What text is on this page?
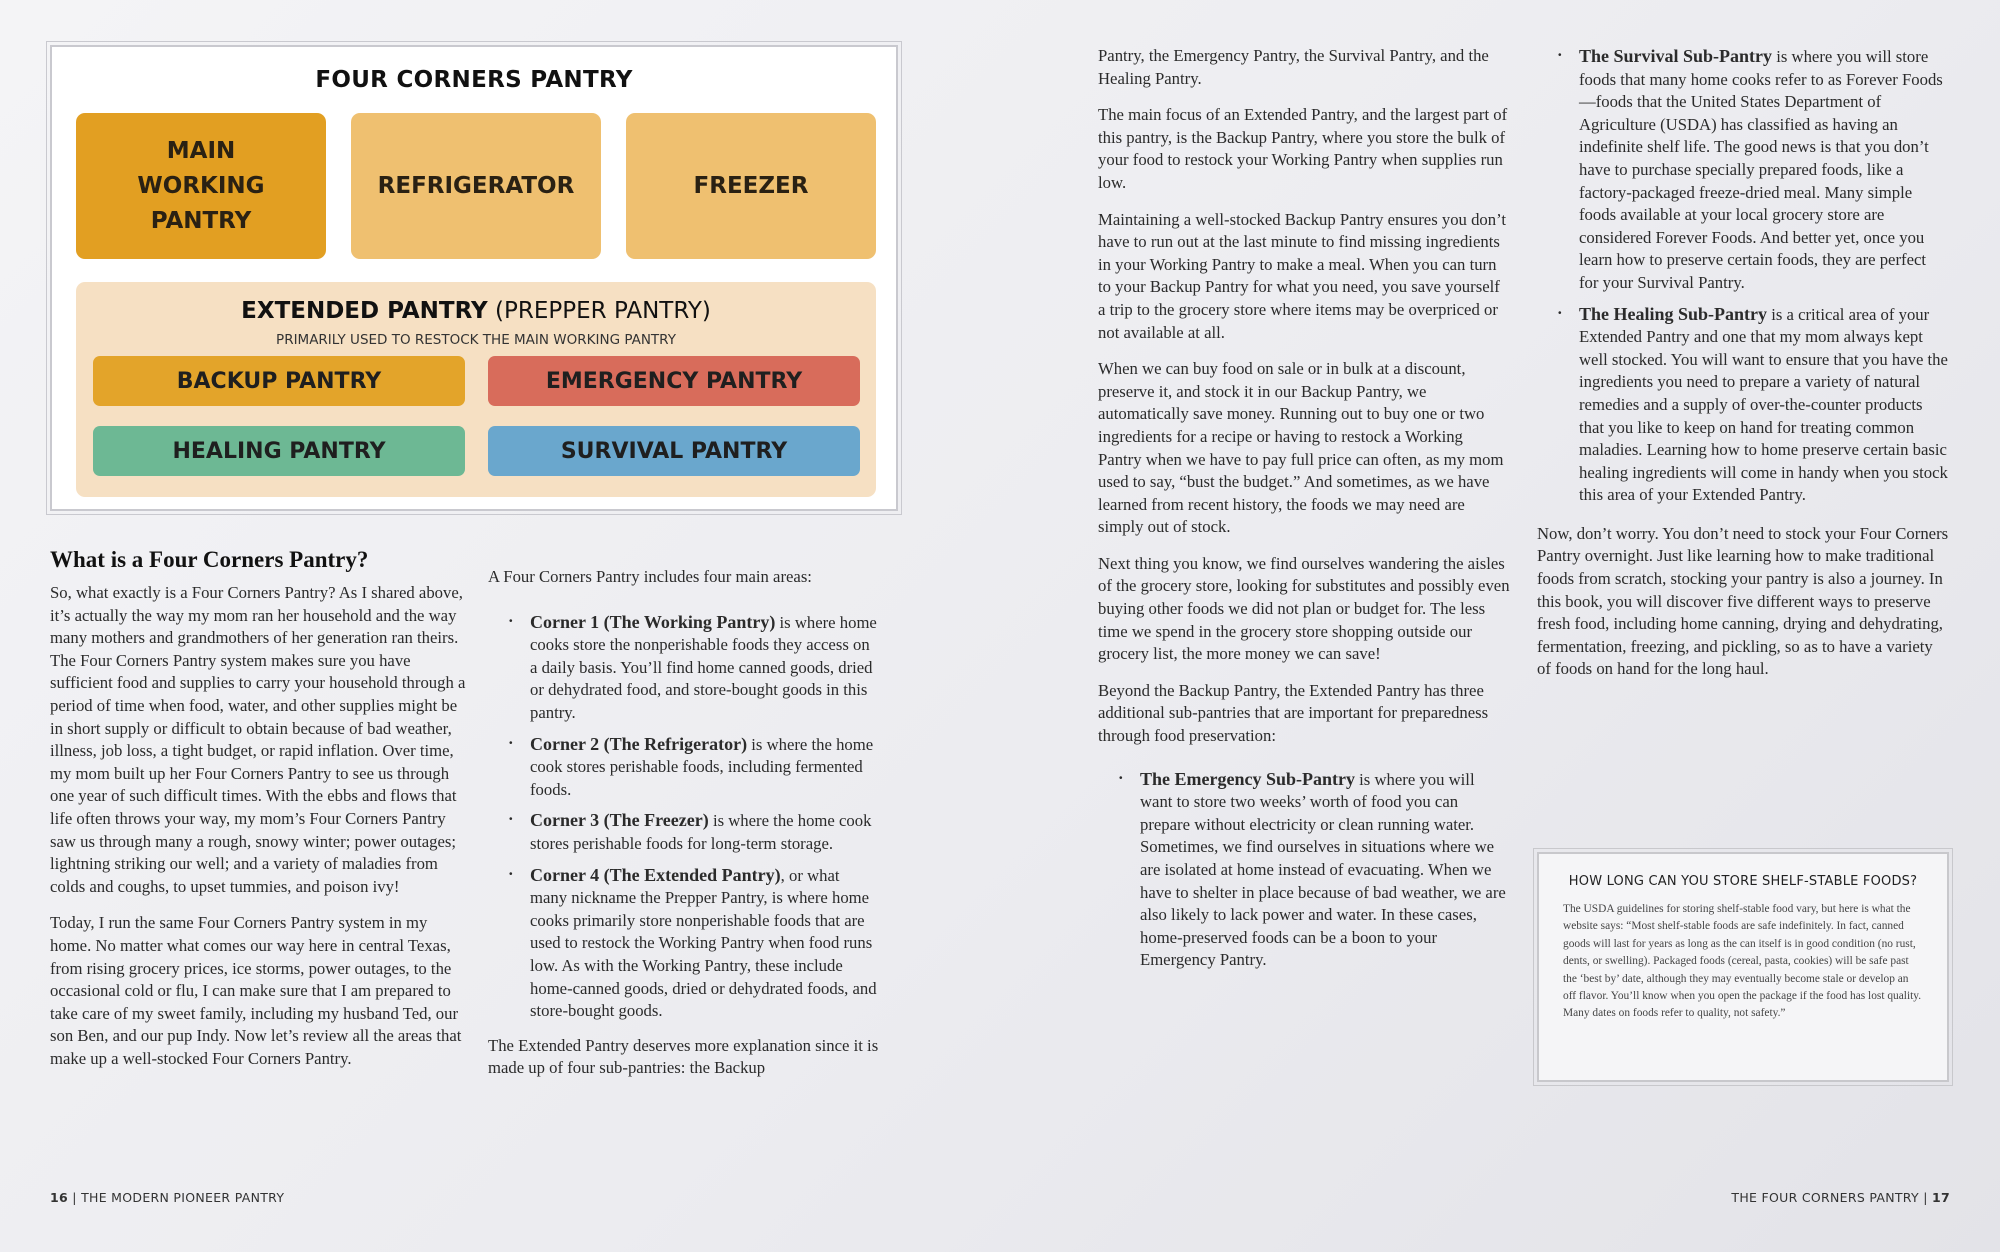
FOUR CORNERS PANTRY
MAIN WORKING PANTRY
REFRIGERATOR	FREEZER
EXTENDED PANTRY (PREPPER PANTRY)
PRIMARILY USED TO RESTOCK THE MAIN WORKING PANTRY
BACKUP PANTRY	EMERGENCY PANTRY
HEALING PANTRY	SURVIVAL PANTRY
What is a Four Corners Pantry?

So, what exactly is a Four Corners Pantry? As I shared above, it’s actually the way my mom ran her household and the way many mothers and grandmothers of her generation ran theirs. The Four Corners Pantry system makes sure you have sufficient food and supplies to carry your household through a period of time when food, water, and other supplies might be in short supply or difficult to obtain because of bad weather, illness, job loss, a tight budget, or rapid inflation. Over time, my mom built up her Four Corners Pantry to see us through one year of such difficult times. With the ebbs and flows that life often throws your way, my mom’s Four Corners Pantry saw us through many a rough, snowy winter; power outages; lightning striking our well; and a variety of maladies from colds and coughs, to upset tummies, and poison ivy!

Today, I run the same Four Corners Pantry system in my home. No matter what comes our way here in central Texas, from rising grocery prices, ice storms, power outages, to the occasional cold or flu, I can make sure that I am prepared to take care of my sweet family, including my husband Ted, our son Ben, and our pup Indy. Now let’s review all the areas that make up a well-stocked Four Corners Pantry.

A Four Corners Pantry includes four main areas:

· Corner 1 (The Working Pantry) is where home cooks store the nonperishable foods they access on a daily basis. You’ll find home canned goods, dried or dehydrated food, and store-bought goods in this pantry.
· Corner 2 (The Refrigerator) is where the home cook stores perishable foods, including fermented foods.
· Corner 3 (The Freezer) is where the home cook stores perishable foods for long-term storage.
· Corner 4 (The Extended Pantry), or what many nickname the Prepper Pantry, is where home cooks primarily store nonperishable foods that are used to restock the Working Pantry when food runs low. As with the Working Pantry, these include home-canned goods, dried or dehydrated foods, and store-bought goods.

The Extended Pantry deserves more explanation since it is made up of four sub-pantries: the Backup

Pantry, the Emergency Pantry, the Survival Pantry, and the Healing Pantry.

The main focus of an Extended Pantry, and the largest part of this pantry, is the Backup Pantry, where you store the bulk of your food to restock your Working Pantry when supplies run low.

Maintaining a well-stocked Backup Pantry ensures you don’t have to run out at the last minute to find missing ingredients in your Working Pantry to make a meal. When you can turn to your Backup Pantry for what you need, you save yourself a trip to the grocery store where items may be overpriced or not available at all.

When we can buy food on sale or in bulk at a discount, preserve it, and stock it in our Backup Pantry, we automatically save money. Running out to buy one or two ingredients for a recipe or having to restock a Working Pantry when we have to pay full price can often, as my mom used to say, “bust the budget.” And sometimes, as we have learned from recent history, the foods we may need are simply out of stock.

Next thing you know, we find ourselves wandering the aisles of the grocery store, looking for substitutes and possibly even buying other foods we did not plan or budget for. The less time we spend in the grocery store shopping outside our grocery list, the more money we can save!

Beyond the Backup Pantry, the Extended Pantry has three additional sub-pantries that are important for preparedness through food preservation:

· The Emergency Sub-Pantry is where you will want to store two weeks’ worth of food you can prepare without electricity or clean running water. Sometimes, we find ourselves in situations where we are isolated at home instead of evacuating. When we have to shelter in place because of bad weather, we are also likely to lack power and water. In these cases, home-preserved foods can be a boon to your Emergency Pantry.
· The Survival Sub-Pantry is where you will store foods that many home cooks refer to as Forever Foods—foods that the United States Department of Agriculture (USDA) has classified as having an indefinite shelf life. The good news is that you don’t have to purchase specially prepared foods, like a factory-packaged freeze-dried meal. Many simple foods available at your local grocery store are considered Forever Foods. And better yet, once you learn how to preserve certain foods, they are perfect for your Survival Pantry.
· The Healing Sub-Pantry is a critical area of your Extended Pantry and one that my mom always kept well stocked. You will want to ensure that you have the ingredients you need to prepare a variety of natural remedies and a supply of over-the-counter products that you like to keep on hand for treating common maladies. Learning how to home preserve certain basic healing ingredients will come in handy when you stock this area of your Extended Pantry.

Now, don’t worry. You don’t need to stock your Four Corners Pantry overnight. Just like learning how to make traditional foods from scratch, stocking your pantry is also a journey. In this book, you will discover five different ways to preserve fresh food, including home canning, drying and dehydrating, fermentation, freezing, and pickling, so as to have a variety of foods on hand for the long haul.

HOW LONG CAN YOU STORE SHELF-STABLE FOODS?
The USDA guidelines for storing shelf-stable food vary, but here is what the website says: “Most shelf-stable foods are safe indefinitely. In fact, canned goods will last for years as long as the can itself is in good condition (no rust, dents, or swelling). Packaged foods (cereal, pasta, cookies) will be safe past the ‘best by’ date, although they may eventually become stale or develop an off flavor. You’ll know when you open the package if the food has lost quality. Many dates on foods refer to quality, not safety.”
16 | THE MODERN PIONEER PANTRY	THE FOUR CORNERS PANTRY | 17
